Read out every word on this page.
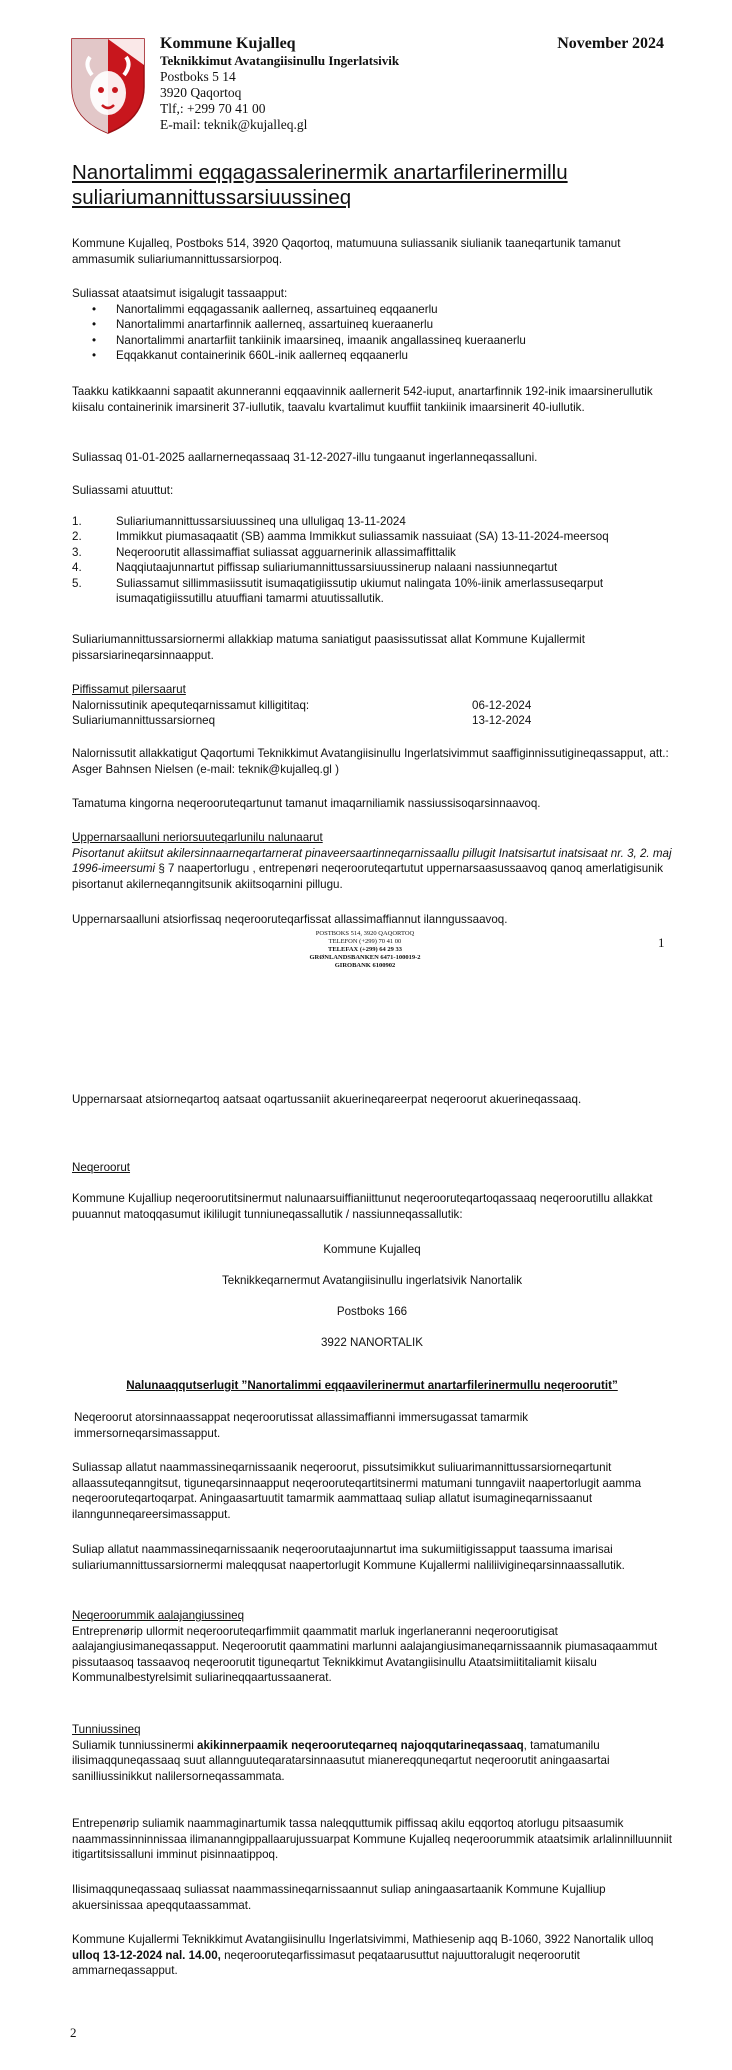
Kommune Kujalleq
Teknikkimut Avatangiisinullu Ingerlatsivik
Postboks 5 14
3920 Qaqortoq
Tlf,: +299 70 41 00
E-mail: teknik@kujalleq.gl
November 2024
Nanortalimmi eqqagassalerinermik anartarfilerinermillu
suliariumannittussarsiuussineq
Kommune Kujalleq, Postboks 514, 3920 Qaqortoq, matumuuna suliassanik siulianik taaneqartunik tamanut ammasumik suliariumannittussarsiorpoq.
Suliassat ataatsimut isigalugit tassaapput:
• Nanortalimmi eqqagassanik aallerneq, assartuineq eqqaanerlu
• Nanortalimmi anartarfinnik aallerneq, assartuineq kueraanerlu
• Nanortalimmi anartarfiit tankiinik imaarsineq, imaanik angallassineq kueraanerlu
• Eqqakkanut containerinik 660L-inik aallerneq eqqaanerlu
Taakku katikkaanni sapaatit akunneranni eqqaavinnik aallernerit 542-iuput, anartarfinnik 192-inik imaarsinerullutik kiisalu containerinik imarsinerit 37-iullutik, taavalu kvartalimut kuuffiit tankiinik imaarsinerit 40-iullutik.
Suliassaq 01-01-2025 aallarnerneqassaaq 31-12-2027-illu tungaanut ingerlanneqassalluni.
Suliassami atuuttut:
1.	Suliariumannittussarsiuussineq una ulluligaq 13-11-2024
2.	Immikkut piumasaqaatit (SB) aamma Immikkut suliassamik nassuiaat (SA) 13-11-2024-meersoq
3.	Neqeroorutit allassimaffiat suliassat agguarnerinik allassimaffittalik
4.	Naqqiutaajunnartut piffissap suliariumannittussarsiuussinerup nalaani nassiunneqartut
5.	Suliassamut sillimmasiissutit isumaqatigiissutip ukiumut nalingata 10%-iinik amerlassuseqarput isumaqatigiissutillu atuuffiani tamarmi atuutissallutik.
Suliariumannittussarsiornermi allakkiap matuma saniatigut paasissutissat allat Kommune Kujallermit pissarsiarineqarsinnaapput.
Piffissamut pilersaarut
Nalornissutinik apequteqarnissamut killigititaq:	06-12-2024
Suliariumannittussarsiorneq	13-12-2024
Nalornissutit allakkatigut Qaqortumi Teknikkimut Avatangiisinullu Ingerlatsivimmut saaffiginnissutigineqassapput, att.: Asger Bahnsen Nielsen (e-mail: teknik@kujalleq.gl )
Tamatuma kingorna neqerooruteqartunut tamanut imaqarniliamik nassiussisoqarsinnaavoq.
Uppernarsaalluni neriorsuuteqarlunilu nalunaarut
Pisortanut akiitsut akilersinnaarneqartarnerat pinaveersaartinneqarnissaallu pillugit Inatsisartut inatsisaat nr. 3, 2. maj 1996-imeersumi § 7 naapertorlugu , entrepenøri neqerooruteqartutut uppernarsaasussaavoq qanoq amerlatigisunik pisortanut akilerneqanngitsunik akiitsoqarnini pillugu.
Uppernarsaalluni atsiorfissaq neqerooruteqarfissat allassimaffiannut ilanngussaavoq.
POSTBOKS 514, 3920 QAQORTOQ
TELEFON (+299) 70 41 00
TELEFAX (+299) 64 29 33
GRØNLANDSBANKEN 6471-100019-2
GIROBANK 6100902
1
Uppernarsaat atsiorneqartoq aatsaat oqartussaniit akuerineqareerpat neqeroorut akuerineqassaaq.
Neqeroorut
Kommune Kujalliup neqeroorutitsinermut nalunaarsuiffianiittunut neqerooruteqartoqassaaq neqeroorutillu allakkat puuannut matoqqasumut ikililugit tunniuneqassallutik / nassiunneqassallutik:
Kommune Kujalleq
Teknikkeqarnermut Avatangiisinullu ingerlatsivik Nanortalik
Postboks 166
3922 NANORTALIK
Nalunaaqqutserlugit ”Nanortalimmi eqqaavilerinermut anartarfilerinermullu neqeroorutit”
Neqeroorut atorsinnaassappat neqeroorutissat allassimaffianni immersugassat tamarmik immersorneqarsimassapput.
Suliassap allatut naammassineqarnissaanik neqeroorut, pissutsimikkut suliuarimannittussarsiorneqartunit allaassuteqanngitsut, tiguneqarsinnaapput neqerooruteqartitsinermi matumani tunngaviit naapertorlugit aamma neqerooruteqartoqarpat. Aningaasartuutit tamarmik aammattaaq suliap allatut isumagineqarnissaanut ilanngunneqareersimassapput.
Suliap allatut naammassineqarnissaanik neqeroorutaajunnartut ima sukumiitigissapput taassuma imarisai suliariumannittussarsiornermi maleqqusat naapertorlugit Kommune Kujallermi naliliivigineqarsinnaassallutik.
Neqeroorummik aalajangiussineq
Entreprenørip ullormit neqerooruteqarfimmiit qaammatit marluk ingerlaneranni neqeroorutigisat aalajangiusimaneqassapput. Neqeroorutit qaammatini marlunni aalajangiusimaneqarnissaannik piumasaqaammut pissutaasoq tassaavoq neqeroorutit tiguneqartut Teknikkimut Avatangiisinullu Ataatsimiititaliamit kiisalu Kommunalbestyrelsimit suliarineqqaartussaanerat.
Tunniussineq
Suliamik tunniussinermi akikinnerpaamik neqerooruteqarneq najoqqutarineqassaaq, tamatumanilu ilisimaqquneqassaaq suut allannguuteqaratarsinnaasutut mianereqquneqartut neqeroorutit aningaasartai sanilliussinikkut nalilersorneqassammata.
Entrepenørip suliamik naammaginartumik tassa naleqquttumik piffissaq akilu eqqortoq atorlugu pitsaasumik naammassinninnissaa ilimananngippallaarujussuarpat Kommune Kujalleq neqeroorummik ataatsimik arlalinnilluunniit itigartitsissalluni imminut pisinnaatippoq.
Ilisimaqquneqassaaq suliassat naammassineqarnissaannut suliap aningaasartaanik Kommune Kujalliup akuersinissaa apeqqutaassammat.
Kommune Kujallermi Teknikkimut Avatangiisinullu Ingerlatsivimmi, Mathiesenip aqq B-1060, 3922 Nanortalik ulloq ulloq 13-12-2024 nal. 14.00, neqerooruteqarfissimasut peqataarusuttut najuuttoralugit neqeroorutit ammarneqassapput.
2
